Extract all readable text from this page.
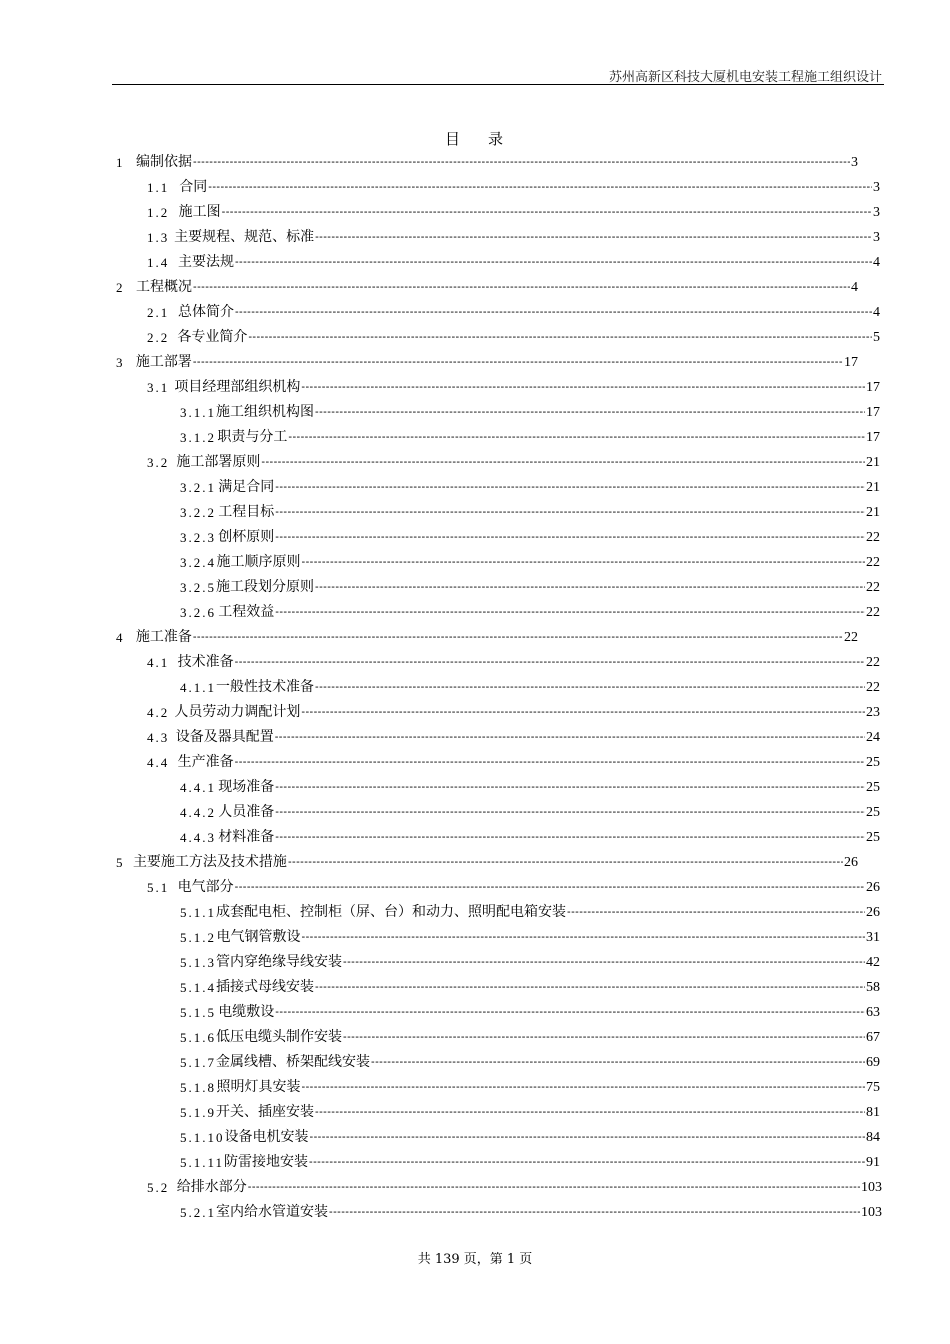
苏州高新区科技大厦机电安装工程施工组织设计
目 录
1 编制依据 -----	3
1.1 合同 -----	3
1.2 施工图 -----	3
1.3 主要规程、规范、标准 -----	3
1.4 主要法规 -----	4
2 工程概况 -----	4
2.1 总体简介 -----	4
2.2 各专业简介 -----	5
3 施工部署 -----	17
3.1 项目经理部组织机构 -----	17
3.1.1 施工组织机构图 -----	17
3.1.2 职责与分工 -----	17
3.2 施工部署原则 -----	21
3.2.1 满足合同 -----	21
3.2.2 工程目标 -----	21
3.2.3 创杯原则 -----	22
3.2.4 施工顺序原则 -----	22
3.2.5 施工段划分原则 -----	22
3.2.6 工程效益 -----	22
4 施工准备 -----	22
4.1 技术准备 -----	22
4.1.1 一般性技术准备 -----	22
4.2 人员劳动力调配计划 -----	23
4.3 设备及器具配置 -----	24
4.4 生产准备 -----	25
4.4.1 现场准备 -----	25
4.4.2 人员准备 -----	25
4.4.3 材料准备 -----	25
5 主要施工方法及技术措施 -----	26
5.1 电气部分 -----	26
5.1.1 成套配电柜、控制柜（屏、台）和动力、照明配电箱安装 -----	26
5.1.2 电气钢管敷设 -----	31
5.1.3 管内穿绝缘导线安装 -----	42
5.1.4 插接式母线安装 -----	58
5.1.5 电缆敷设 -----	63
5.1.6 低压电缆头制作安装 -----	67
5.1.7 金属线槽、桥架配线安装 -----	69
5.1.8 照明灯具安装 -----	75
5.1.9 开关、插座安装 -----	81
5.1.10 设备电机安装 -----	84
5.1.11 防雷接地安装 -----	91
5.2 给排水部分 -----	103
5.2.1 室内给水管道安装 -----	103
共 139 页，第 1 页
